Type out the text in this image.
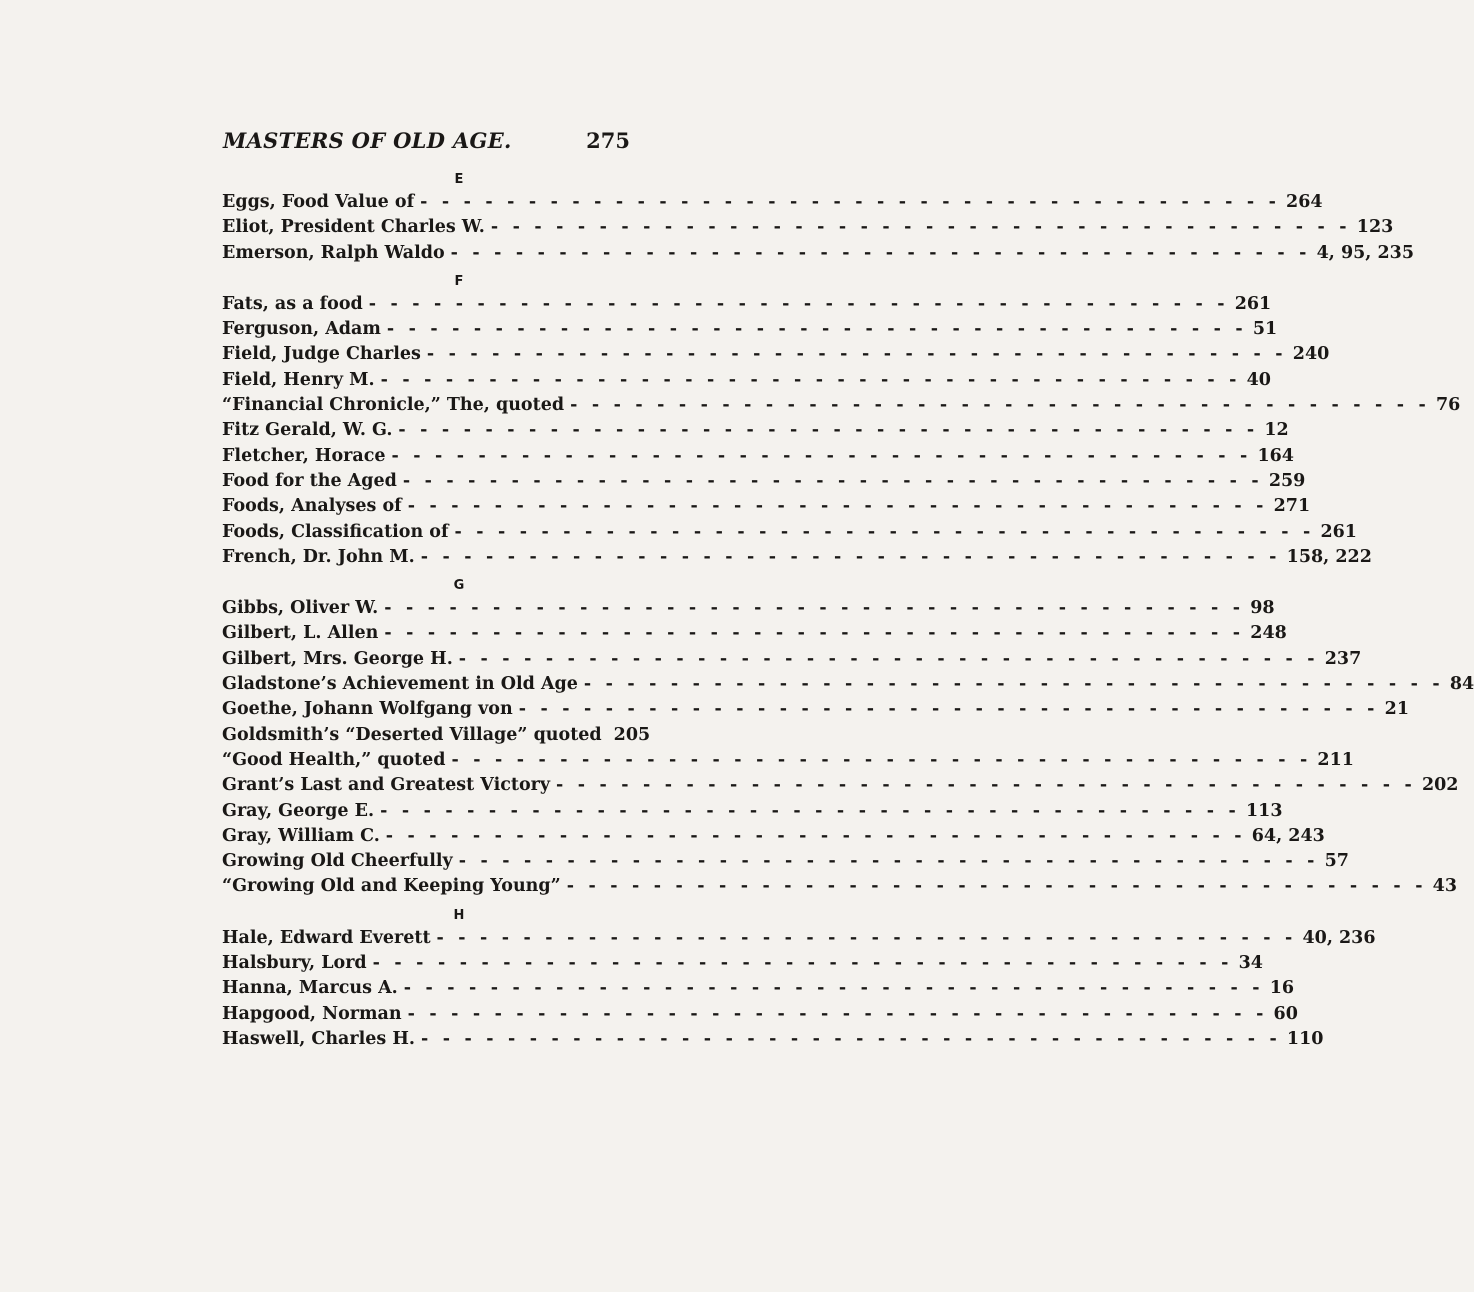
MASTERS OF OLD AGE.	275
E
Eggs, Food Value of - - - - - - - - - - - - - - - - - - - - - - - - - - - - - - - - - - - - - - - - 264
Eliot, President Charles W. - - - - - - - - - - - - - - - - - - - - - - - - - - - - - - - - - - - - - - - - 123
Emerson, Ralph Waldo - - - - - - - - - - - - - - - - - - - - - - - - - - - - - - - - - - - - - - - - 4, 95, 235
F
Fats, as a food - - - - - - - - - - - - - - - - - - - - - - - - - - - - - - - - - - - - - - - - 261
Ferguson, Adam - - - - - - - - - - - - - - - - - - - - - - - - - - - - - - - - - - - - - - - - 51
Field, Judge Charles - - - - - - - - - - - - - - - - - - - - - - - - - - - - - - - - - - - - - - - - 240
Field, Henry M. - - - - - - - - - - - - - - - - - - - - - - - - - - - - - - - - - - - - - - - - 40
“Financial Chronicle,” The, quoted - - - - - - - - - - - - - - - - - - - - - - - - - - - - - - - - - - - - - - - - 76
Fitz Gerald, W. G. - - - - - - - - - - - - - - - - - - - - - - - - - - - - - - - - - - - - - - - - 12
Fletcher, Horace - - - - - - - - - - - - - - - - - - - - - - - - - - - - - - - - - - - - - - - - 164
Food for the Aged - - - - - - - - - - - - - - - - - - - - - - - - - - - - - - - - - - - - - - - - 259
Foods, Analyses of - - - - - - - - - - - - - - - - - - - - - - - - - - - - - - - - - - - - - - - - 271
Foods, Classification of - - - - - - - - - - - - - - - - - - - - - - - - - - - - - - - - - - - - - - - - 261
French, Dr. John M. - - - - - - - - - - - - - - - - - - - - - - - - - - - - - - - - - - - - - - - - 158, 222
G
Gibbs, Oliver W. - - - - - - - - - - - - - - - - - - - - - - - - - - - - - - - - - - - - - - - - 98
Gilbert, L. Allen - - - - - - - - - - - - - - - - - - - - - - - - - - - - - - - - - - - - - - - - 248
Gilbert, Mrs. George H. - - - - - - - - - - - - - - - - - - - - - - - - - - - - - - - - - - - - - - - - 237
Gladstone’s Achievement in Old Age - - - - - - - - - - - - - - - - - - - - - - - - - - - - - - - - - - - - - - - - 84
Goethe, Johann Wolfgang von - - - - - - - - - - - - - - - - - - - - - - - - - - - - - - - - - - - - - - - - 21
Goldsmith’s “Deserted Village” quoted 205
“Good Health,” quoted - - - - - - - - - - - - - - - - - - - - - - - - - - - - - - - - - - - - - - - - 211
Grant’s Last and Greatest Victory - - - - - - - - - - - - - - - - - - - - - - - - - - - - - - - - - - - - - - - - 202
Gray, George E. - - - - - - - - - - - - - - - - - - - - - - - - - - - - - - - - - - - - - - - - 113
Gray, William C. - - - - - - - - - - - - - - - - - - - - - - - - - - - - - - - - - - - - - - - - 64, 243
Growing Old Cheerfully - - - - - - - - - - - - - - - - - - - - - - - - - - - - - - - - - - - - - - - - 57
“Growing Old and Keeping Young” - - - - - - - - - - - - - - - - - - - - - - - - - - - - - - - - - - - - - - - - 43
H
Hale, Edward Everett - - - - - - - - - - - - - - - - - - - - - - - - - - - - - - - - - - - - - - - - 40, 236
Halsbury, Lord - - - - - - - - - - - - - - - - - - - - - - - - - - - - - - - - - - - - - - - - 34
Hanna, Marcus A. - - - - - - - - - - - - - - - - - - - - - - - - - - - - - - - - - - - - - - - - 16
Hapgood, Norman - - - - - - - - - - - - - - - - - - - - - - - - - - - - - - - - - - - - - - - - 60
Haswell, Charles H. - - - - - - - - - - - - - - - - - - - - - - - - - - - - - - - - - - - - - - - - 110
